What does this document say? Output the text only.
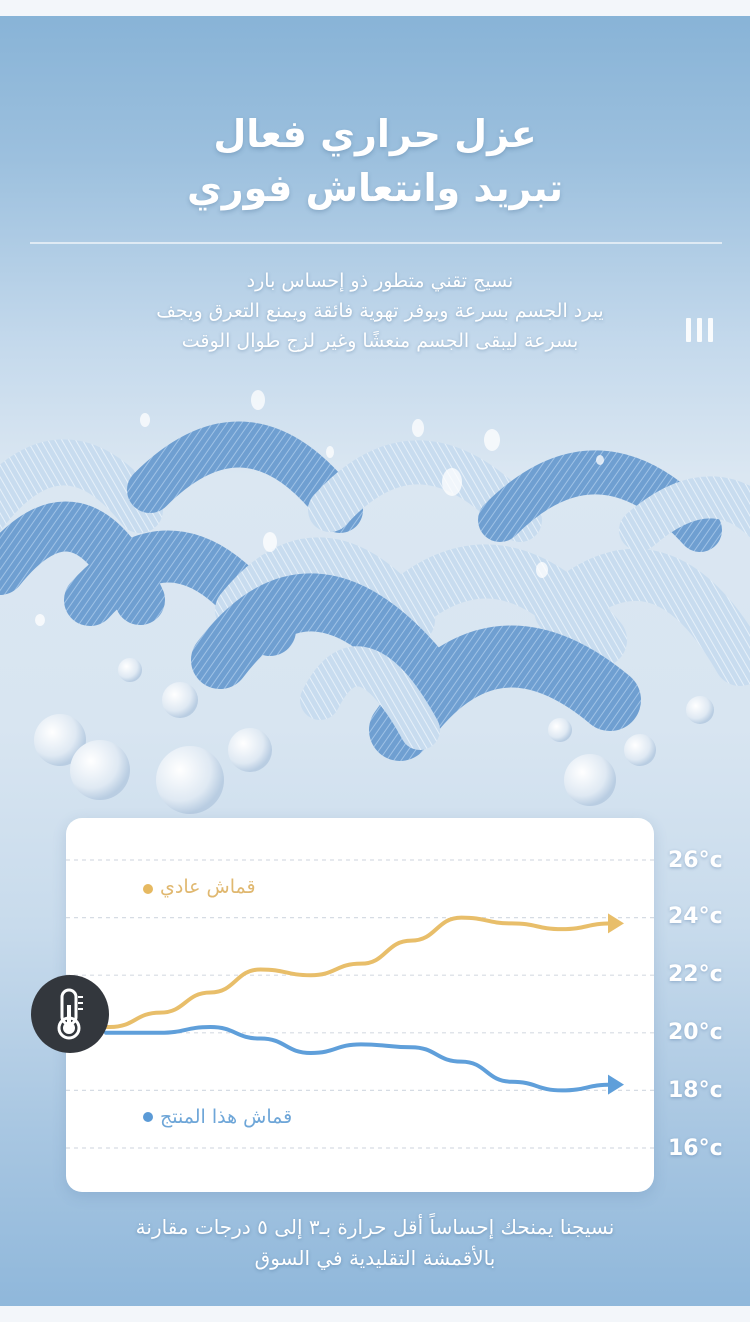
عزل حراري فعال
تبريد وانتعاش فوري
نسيج تقني متطور ذو إحساس بارد
يبرد الجسم بسرعة ويوفر تهوية فائقة ويمنع التعرق ويجف
بسرعة ليبقى الجسم منعشًا وغير لزج طوال الوقت
26°c
24°c
22°c
20°c
18°c
16°c
قماش عادي
قماش هذا المنتج
نسيجنا يمنحك إحساساً أقل حرارة بـ٣ إلى ٥ درجات مقارنة
بالأقمشة التقليدية في السوق
